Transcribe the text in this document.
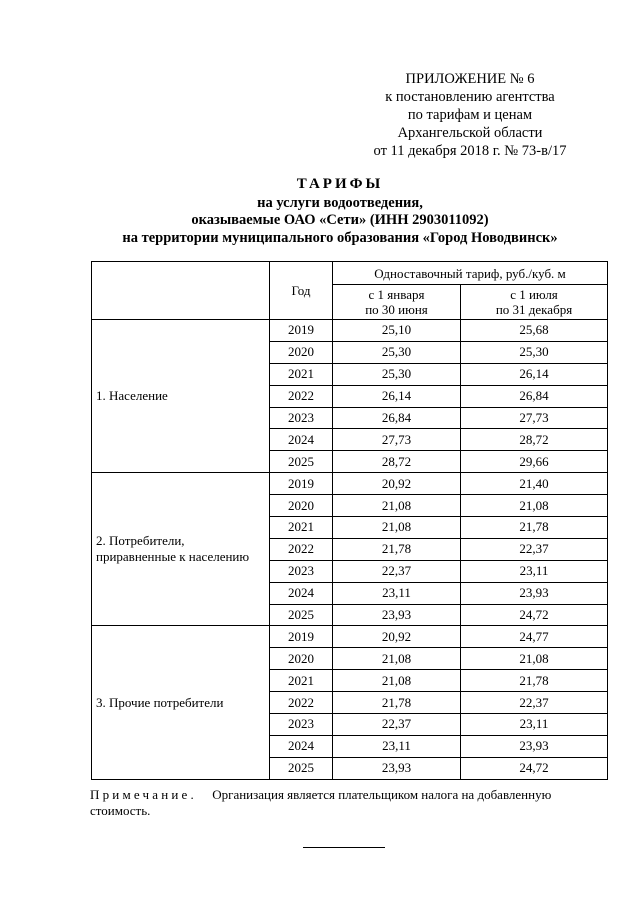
ПРИЛОЖЕНИЕ № 6
к постановлению агентства
по тарифам и ценам
Архангельской области
от 11 декабря 2018 г. № 73-в/17
ТАРИФЫ
на услуги водоотведения,
оказываемые ОАО «Сети» (ИНН 2903011092)
на территории муниципального образования «Город Новодвинск»
	Год	Одноставочный тариф, руб./куб. м	
		с 1 января
по 30 июня	с 1 июля
по 31 декабря
1. Население	2019	25,10	25,68
	2020	25,30	25,30
	2021	25,30	26,14
	2022	26,14	26,84
	2023	26,84	27,73
	2024	27,73	28,72
	2025	28,72	29,66
2. Потребители,
приравненные к населению	2019	20,92	21,40
	2020	21,08	21,08
	2021	21,08	21,78
	2022	21,78	22,37
	2023	22,37	23,11
	2024	23,11	23,93
	2025	23,93	24,72
3. Прочие потребители	2019	20,92	24,77
	2020	21,08	21,08
	2021	21,08	21,78
	2022	21,78	22,37
	2023	22,37	23,11
	2024	23,11	23,93
	2025	23,93	24,72
Примечание. Организация является плательщиком налога на добавленную стоимость.
